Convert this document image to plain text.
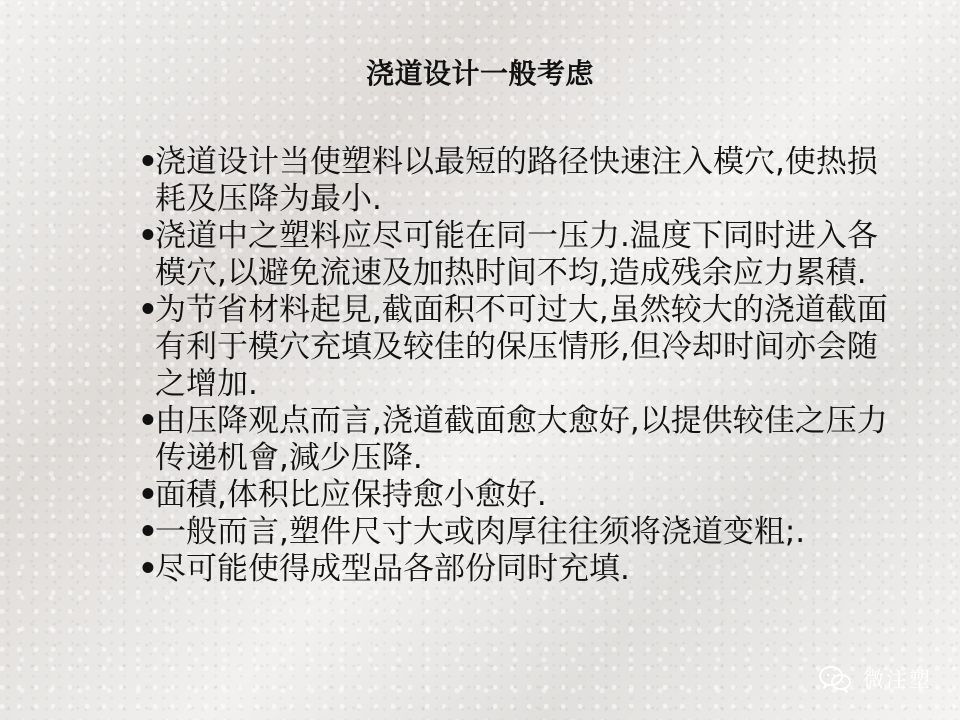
浇道设计一般考虑
•
浇道设计当使塑料以最短的路径快速注入模穴,使热损耗及压降为最小.
•
浇道中之塑料应尽可能在同一压力.温度下同时进入各模穴,以避免流速及加热时间不均,造成残余应力累積.
•
为节省材料起見,截面积不可过大,虽然较大的浇道截面有利于模穴充填及较佳的保压情形,但冷却时间亦会随之增加.
•
由压降观点而言,浇道截面愈大愈好,以提供较佳之压力传递机會,減少压降.
•
面積,体积比应保持愈小愈好.
•
一般而言,塑件尺寸大或肉厚往往须将浇道变粗;.
•
尽可能使得成型品各部份同时充填.
微注塑
